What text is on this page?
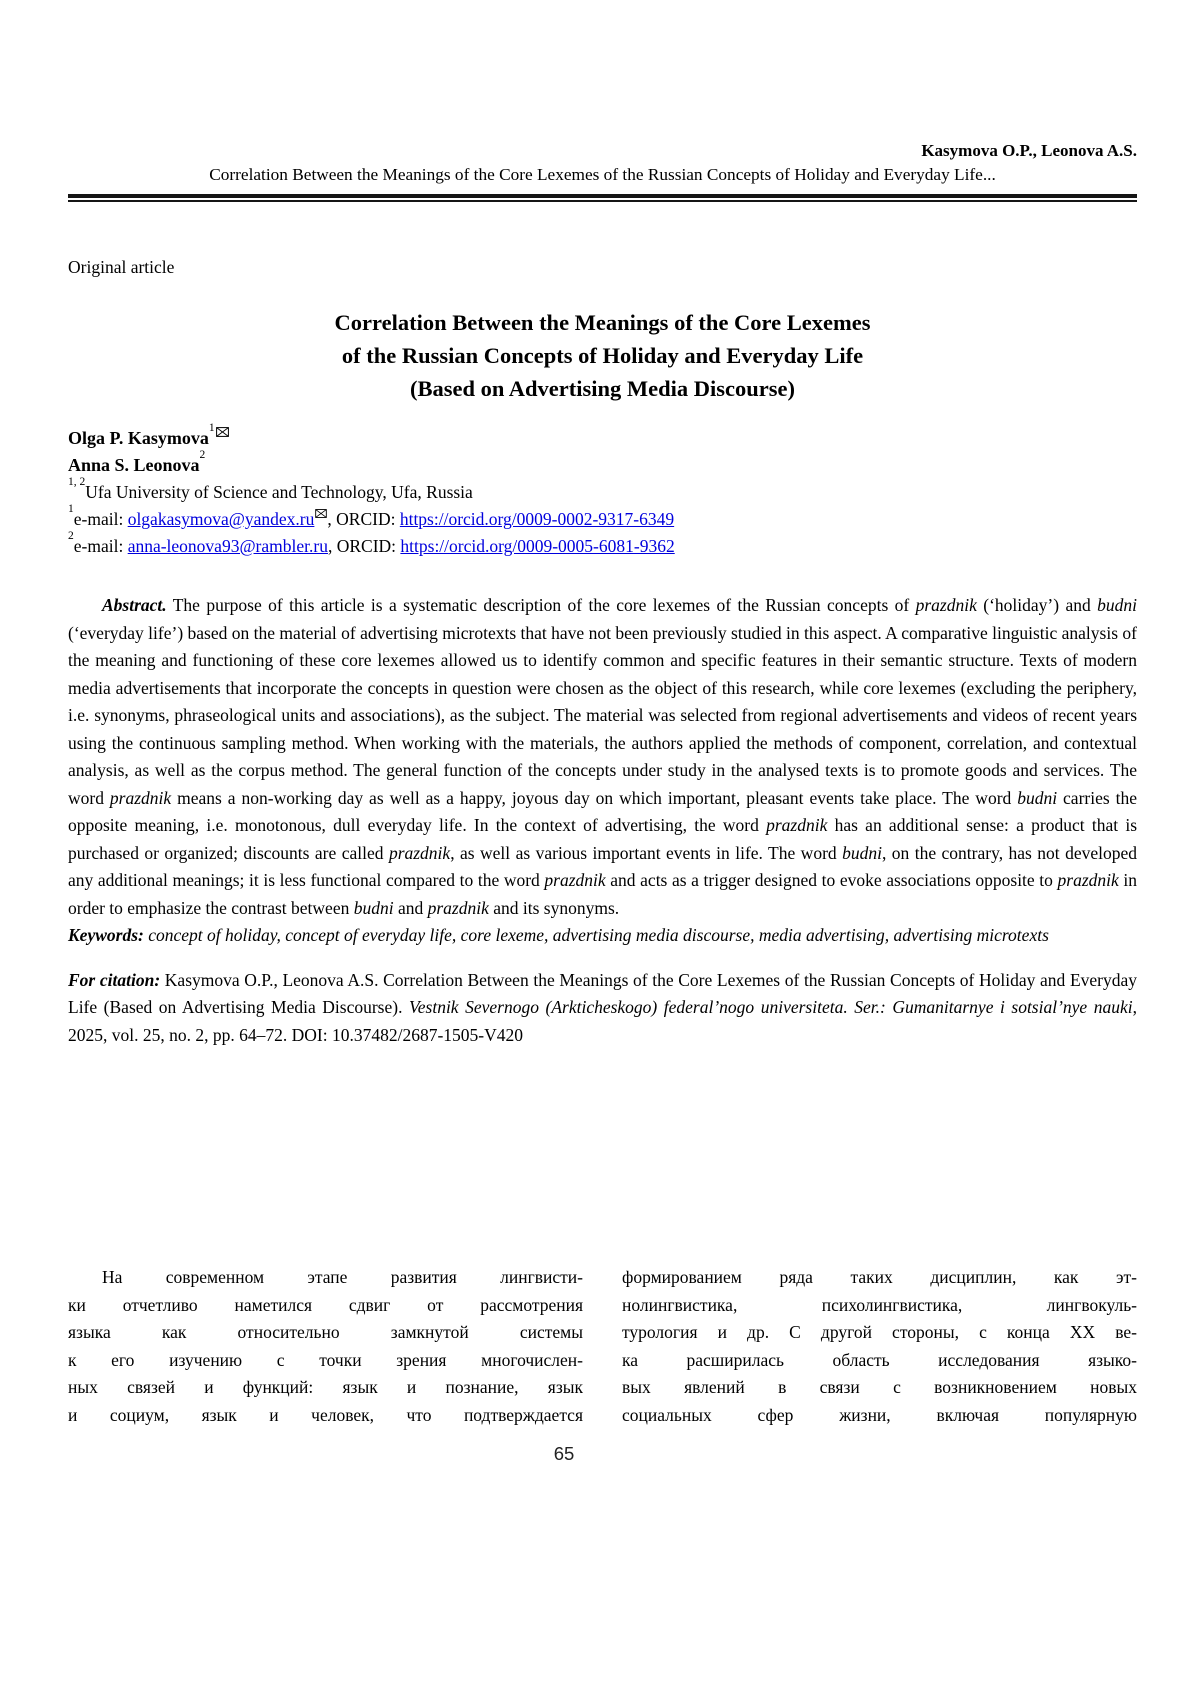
Kasymova O.P., Leonova A.S.
Correlation Between the Meanings of the Core Lexemes of the Russian Concepts of Holiday and Everyday Life...
Original article
Correlation Between the Meanings of the Core Lexemes
of the Russian Concepts of Holiday and Everyday Life
(Based on Advertising Media Discourse)
Olga P. Kasymova$^1$
Anna S. Leonova$^2$
$^{1, 2}$Ufa University of Science and Technology, Ufa, Russia
$^1$e-mail: olgakasymova@yandex.ru , ORCID: https://orcid.org/0009-0002-9317-6349
$^2$e-mail: anna-leonova93@rambler.ru, ORCID: https://orcid.org/0009-0005-6081-9362
Abstract. The purpose of this article is a systematic description of the core lexemes of the Russian concepts of prazdnik (‘holiday’) and budni (‘everyday life’) based on the material of advertising microtexts that have not been previously studied in this aspect. A comparative linguistic analysis of the meaning and functioning of these core lexemes allowed us to identify common and specific features in their semantic structure. Texts of modern media advertisements that incorporate the concepts in question were chosen as the object of this research, while core lexemes (excluding the periphery, i.e. synonyms, phraseological units and associations), as the subject. The material was selected from regional advertisements and videos of recent years using the continuous sampling method. When working with the materials, the authors applied the methods of component, correlation, and contextual analysis, as well as the corpus method. The general function of the concepts under study in the analysed texts is to promote goods and services. The word prazdnik means a non-working day as well as a happy, joyous day on which important, pleasant events take place. The word budni carries the opposite meaning, i.e. monotonous, dull everyday life. In the context of advertising, the word prazdnik has an additional sense: a product that is purchased or organized; discounts are called prazdnik, as well as various important events in life. The word budni, on the contrary, has not developed any additional meanings; it is less functional compared to the word prazdnik and acts as a trigger designed to evoke associations opposite to prazdnik in order to emphasize the contrast between budni and prazdnik and its synonyms.
Keywords: concept of holiday, concept of everyday life, core lexeme, advertising media discourse, media advertising, advertising microtexts
For citation: Kasymova O.P., Leonova A.S. Correlation Between the Meanings of the Core Lexemes of the Russian Concepts of Holiday and Everyday Life (Based on Advertising Media Discourse). Vestnik Severnogo (Arkticheskogo) federal’nogo universiteta. Ser.: Gumanitarnye i sotsial’nye nauki, 2025, vol. 25, no. 2, pp. 64–72. DOI: 10.37482/2687-1505-V420
На современном этапе развития лингвисти-
ки отчетливо наметился сдвиг от рассмотрения
языка как относительно замкнутой системы
к его изучению с точки зрения многочислен-
ных связей и функций: язык и познание, язык
и социум, язык и человек, что подтверждается
формированием ряда таких дисциплин, как эт-
нолингвистика, психолингвистика, лингвокуль-
турология и др. С другой стороны, с конца XX ве-
ка расширилась область исследования языко-
вых явлений в связи с возникновением новых
социальных сфер жизни, включая популярную
65
